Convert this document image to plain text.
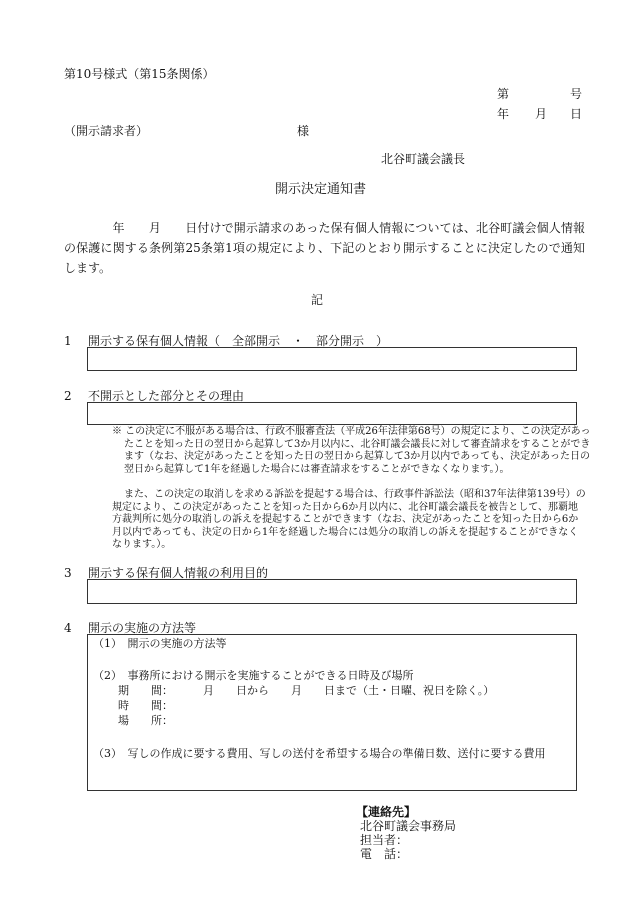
第10号様式（第15条関係）
第	号
年 月 日
（開示請求者）	様
北谷町議会議長
開示決定通知書
　　　　年　　月　　日付けで開示請求のあった保有個人情報については、北谷町議会個人情報の保護に関する条例第25条第1項の規定により、下記のとおり開示することに決定したので通知します。
記
1 開示する保有個人情報（　全部開示　・　部分開示　）
2 不開示とした部分とその理由
※ この決定に不服がある場合は、行政不服審査法（平成26年法律第68号）の規定により、この決定があったことを知った日の翌日から起算して3か月以内に、北谷町議会議長に対して審査請求をすることができます（なお、決定があったことを知った日の翌日から起算して3か月以内であっても、決定があった日の翌日から起算して1年を経過した場合には審査請求をすることができなくなります。）。
また、この決定の取消しを求める訴訟を提起する場合は、行政事件訴訟法（昭和37年法律第139号）の規定により、この決定があったことを知った日から6か月以内に、北谷町議会議長を被告として、那覇地方裁判所に処分の取消しの訴えを提起することができます（なお、決定があったことを知った日から6か月以内であっても、決定の日から1年を経過した場合には処分の取消しの訴えを提起することができなくなります。）。
3 開示する保有個人情報の利用目的
4 開示の実施の方法等
（1）　開示の実施の方法等
（2）　事務所における開示を実施することができる日時及び場所
期　　間：	月　　日から　　月　　日まで（土・日曜、祝日を除く。）
時　　間：
場　　所：
（3）　写しの作成に要する費用、写しの送付を希望する場合の準備日数、送付に要する費用
【連絡先】
北谷町議会事務局
担当者：
電　話：
